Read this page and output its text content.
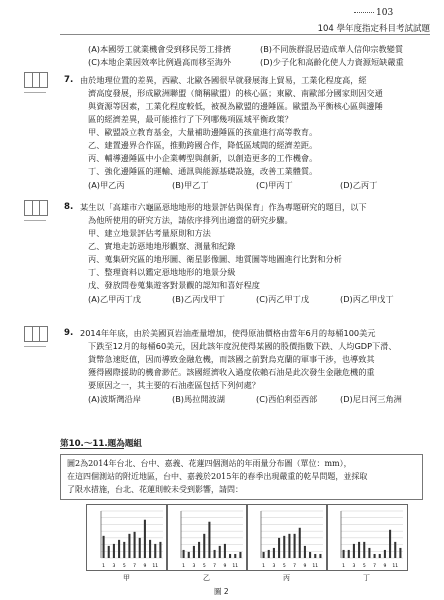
103
104 學年度指定科目考試試題
(A)本國勞工就業機會受到移民勞工排擠	(B)不同族群混居造成華人信仰宗教變質
(C)本地企業因效率比例過高而移至海外	(D)少子化和高齡化使人力資源短缺嚴重
7. 由於地理位置的差異，西歐、北歐各國很早就發展海上貿易，工業化程度高，經
濟高度發展，形成歐洲聯盟（簡稱歐盟）的核心區；東歐、南歐部分國家則因交通
與資源等因素，工業化程度較低，被視為歐盟的邊陲區。歐盟為平衡核心區與邊陲
區的經濟差異，最可能推行了下列哪幾項區域平衡政策？
甲、歐盟設立教育基金，大量補助邊陲區的孩童進行高等教育。
乙、建置邊界合作區，推動跨國合作，降低區域間的經濟差距。
丙、輔導邊陲區中小企業轉型與創新，以創造更多的工作機會。
丁、強化邊陲區的運輸、通訊與能源基礎設施，改善工業體質。
(A)甲乙丙	(B)甲乙丁	(C)甲丙丁	(D)乙丙丁
8. 某生以「高雄市六龜區惡地地形的地景評估與保育」作為專題研究的題目，以下
為他所使用的研究方法，請依序排列出適當的研究步驟。
甲、建立地景評估考量原則和方法
乙、實地走訪惡地地形觀察、測量和紀錄
丙、蒐集研究區的地形圖、衛星影像圖、地質圖等地圖進行比對和分析
丁、整理資料以鑑定惡地地形的地景分級
戊、發放問卷蒐集遊客對景觀的認知和喜好程度
(A)乙甲丙丁戊	(B)乙丙戊甲丁	(C)丙乙甲丁戊	(D)丙乙甲戊丁
9. 2014年年底，由於美國頁岩油產量增加，使得原油價格由當年6月的每桶100美元
下跌至12月的每桶60美元，因此該年度況使得某國的股價指數下跌、人均GDP下滑、
貨幣急速貶值，因而導致金融危機，而該國之前對烏克蘭的軍事干涉，也導致其
獲得國際援助的機會渺茫。該國經濟收入過度依賴石油是此次發生金融危機的重
要原因之一，其主要的石油產區包括下列何處？
(A)波斯灣沿岸	(B)馬拉開波湖	(C)西伯利亞西部	(D)尼日河三角洲
第10.～11.題為題組
圖2為2014年台北、台中、嘉義、花蓮四個測站的年雨量分布圖（單位：mm），
在這四個測站的附近地區，台中、嘉義於2015年的春季出現嚴重的乾旱問題，並採取
了限水措施，台北、花蓮則較未受到影響，請問：
1 3 5 7 9 11	1 3 5 7 9 11	1 3 5 7 9 11	1 3 5 7 9 11
甲	乙	丙	丁
圖 2
